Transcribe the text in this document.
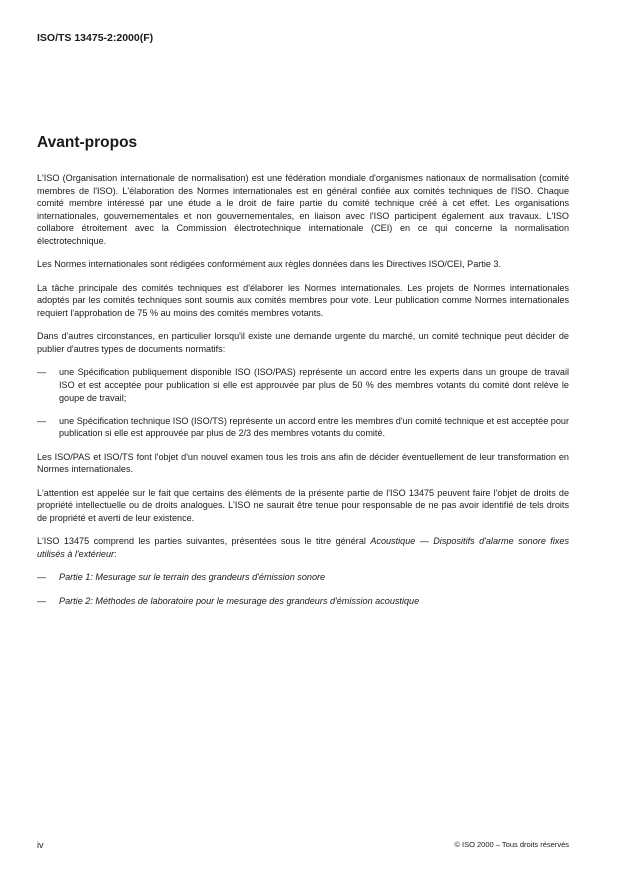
ISO/TS 13475-2:2000(F)
Avant-propos

L'ISO (Organisation internationale de normalisation) est une fédération mondiale d'organismes nationaux de normalisation (comité membres de l'ISO). L'élaboration des Normes internationales est en général confiée aux comités techniques de l'ISO. Chaque comité membre intéressé par une étude a le droit de faire partie du comité technique créé à cet effet. Les organisations internationales, gouvernementales et non gouvernementales, en liaison avec l'ISO participent également aux travaux. L'ISO collabore étroitement avec la Commission électrotechnique internationale (CEI) en ce qui concerne la normalisation électrotechnique.

Les Normes internationales sont rédigées conformément aux règles données dans les Directives ISO/CEI, Partie 3.

La tâche principale des comités techniques est d'élaborer les Normes internationales. Les projets de Normes internationales adoptés par les comités techniques sont soumis aux comités membres pour vote. Leur publication comme Normes internationales requiert l'approbation de 75 % au moins des comités membres votants.

Dans d'autres circonstances, en particulier lorsqu'il existe une demande urgente du marché, un comité technique peut décider de publier d'autres types de documents normatifs:

—	une Spécification publiquement disponible ISO (ISO/PAS) représente un accord entre les experts dans un groupe de travail ISO et est acceptée pour publication si elle est approuvée par plus de 50 % des membres votants du comité dont relève le goupe de travail;
—	une Spécification technique ISO (ISO/TS) représente un accord entre les membres d'un comité technique et est acceptée pour publication si elle est approuvée par plus de 2/3 des membres votants du comité.

Les ISO/PAS et ISO/TS font l'objet d'un nouvel examen tous les trois ans afin de décider éventuellement de leur transformation en Normes internationales.

L'attention est appelée sur le fait que certains des éléments de la présente partie de l'ISO 13475 peuvent faire l'objet de droits de propriété intellectuelle ou de droits analogues. L'ISO ne saurait être tenue pour responsable de ne pas avoir identifié de tels droits de propriété et averti de leur existence.

L'ISO 13475 comprend les parties suivantes, présentées sous le titre général Acoustique — Dispositifs d'alarme sonore fixes utilisés à l'extérieur:

—	Partie 1: Mesurage sur le terrain des grandeurs d'émission sonore
—	Partie 2: Méthodes de laboratoire pour le mesurage des grandeurs d'émission acoustique
iv	© ISO 2000 – Tous droits réservés
